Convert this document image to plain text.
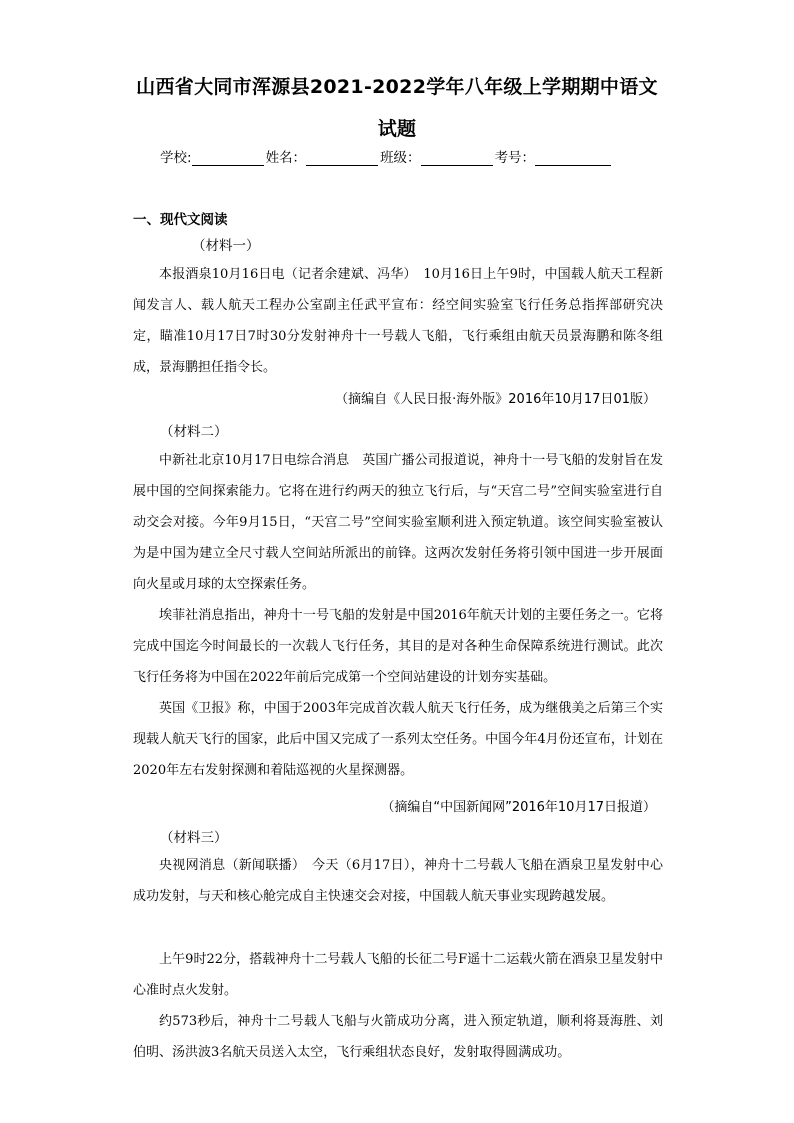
山西省大同市浑源县2021-2022学年八年级上学期期中语文
试题
学校:	姓名：	班级：	考号：
一、现代文阅读
（材料一）
本报酒泉10月16日电（记者余建斌、冯华）　10月16日上午9时，中国载人航天工程新闻发言人、载人航天工程办公室副主任武平宣布：经空间实验室飞行任务总指挥部研究决定，瞄准10月17日7时30分发射神舟十一号载人飞船，飞行乘组由航天员景海鹏和陈冬组成，景海鹏担任指令长。
（摘编自《人民日报·海外版》2016年10月17日01版）
（材料二）
中新社北京10月17日电综合消息　英国广播公司报道说，神舟十一号飞船的发射旨在发展中国的空间探索能力。它将在进行约两天的独立飞行后，与“天宫二号”空间实验室进行自动交会对接。今年9月15日，“天宫二号”空间实验室顺利进入预定轨道。该空间实验室被认为是中国为建立全尺寸载人空间站所派出的前锋。这两次发射任务将引领中国进一步开展面向火星或月球的太空探索任务。
埃菲社消息指出，神舟十一号飞船的发射是中国2016年航天计划的主要任务之一。它将完成中国迄今时间最长的一次载人飞行任务，其目的是对各种生命保障系统进行测试。此次飞行任务将为中国在2022年前后完成第一个空间站建设的计划夯实基础。
英国《卫报》称，中国于2003年完成首次载人航天飞行任务，成为继俄美之后第三个实现载人航天飞行的国家，此后中国又完成了一系列太空任务。中国今年4月份还宣布，计划在2020年左右发射探测和着陆巡视的火星探测器。
（摘编自“中国新闻网”2016年10月17日报道）
（材料三）
央视网消息（新闻联播）　今天（6月17日），神舟十二号载人飞船在酒泉卫星发射中心成功发射，与天和核心舱完成自主快速交会对接，中国载人航天事业实现跨越发展。
上午9时22分，搭载神舟十二号载人飞船的长征二号F遥十二运载火箭在酒泉卫星发射中心准时点火发射。
约573秒后，神舟十二号载人飞船与火箭成功分离，进入预定轨道，顺利将聂海胜、刘伯明、汤洪波3名航天员送入太空，飞行乘组状态良好，发射取得圆满成功。
